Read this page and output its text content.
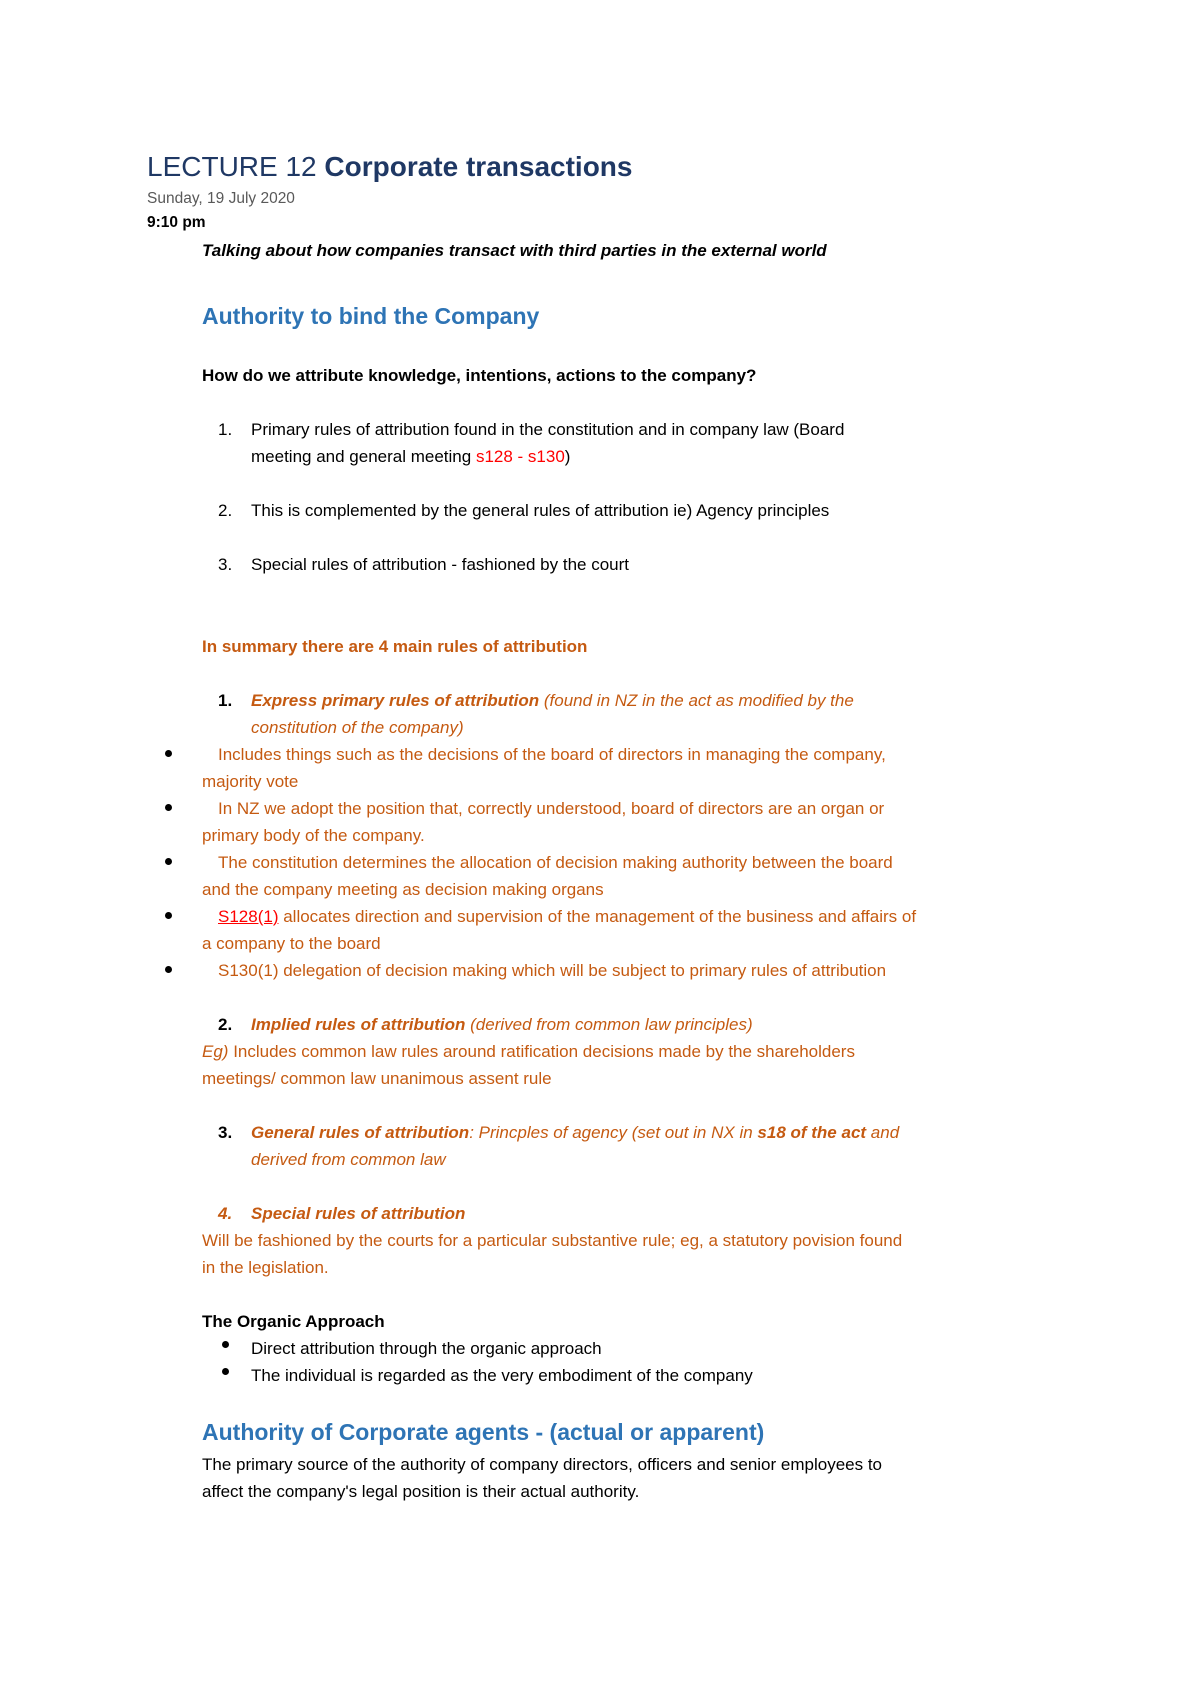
LECTURE 12 Corporate transactions
Sunday, 19 July 2020
9:10 pm
Talking about how companies transact with third parties in the external world
Authority to bind the Company
How do we attribute knowledge, intentions, actions to the company?
1. Primary rules of attribution found in the constitution and in company law (Board
meeting and general meeting s128 - s130)
2. This is complemented by the general rules of attribution ie) Agency principles
3. Special rules of attribution - fashioned by the court
In summary there are 4 main rules of attribution
1. Express primary rules of attribution (found in NZ in the act as modified by the
constitution of the company)
Includes things such as the decisions of the board of directors in managing the company,
majority vote
In NZ we adopt the position that, correctly understood, board of directors are an organ or
primary body of the company.
The constitution determines the allocation of decision making authority between the board
and the company meeting as decision making organs
S128(1) allocates direction and supervision of the management of the business and affairs of
a company to the board
S130(1) delegation of decision making which will be subject to primary rules of attribution
2. Implied rules of attribution (derived from common law principles)
Eg) Includes common law rules around ratification decisions made by the shareholders
meetings/ common law unanimous assent rule
3. General rules of attribution: Princples of agency (set out in NX in s18 of the act and
derived from common law
4. Special rules of attribution
Will be fashioned by the courts for a particular substantive rule; eg, a statutory povision found
in the legislation.
The Organic Approach
Direct attribution through the organic approach
The individual is regarded as the very embodiment of the company
Authority of Corporate agents - (actual or apparent)
The primary source of the authority of company directors, officers and senior employees to
affect the company's legal position is their actual authority.
